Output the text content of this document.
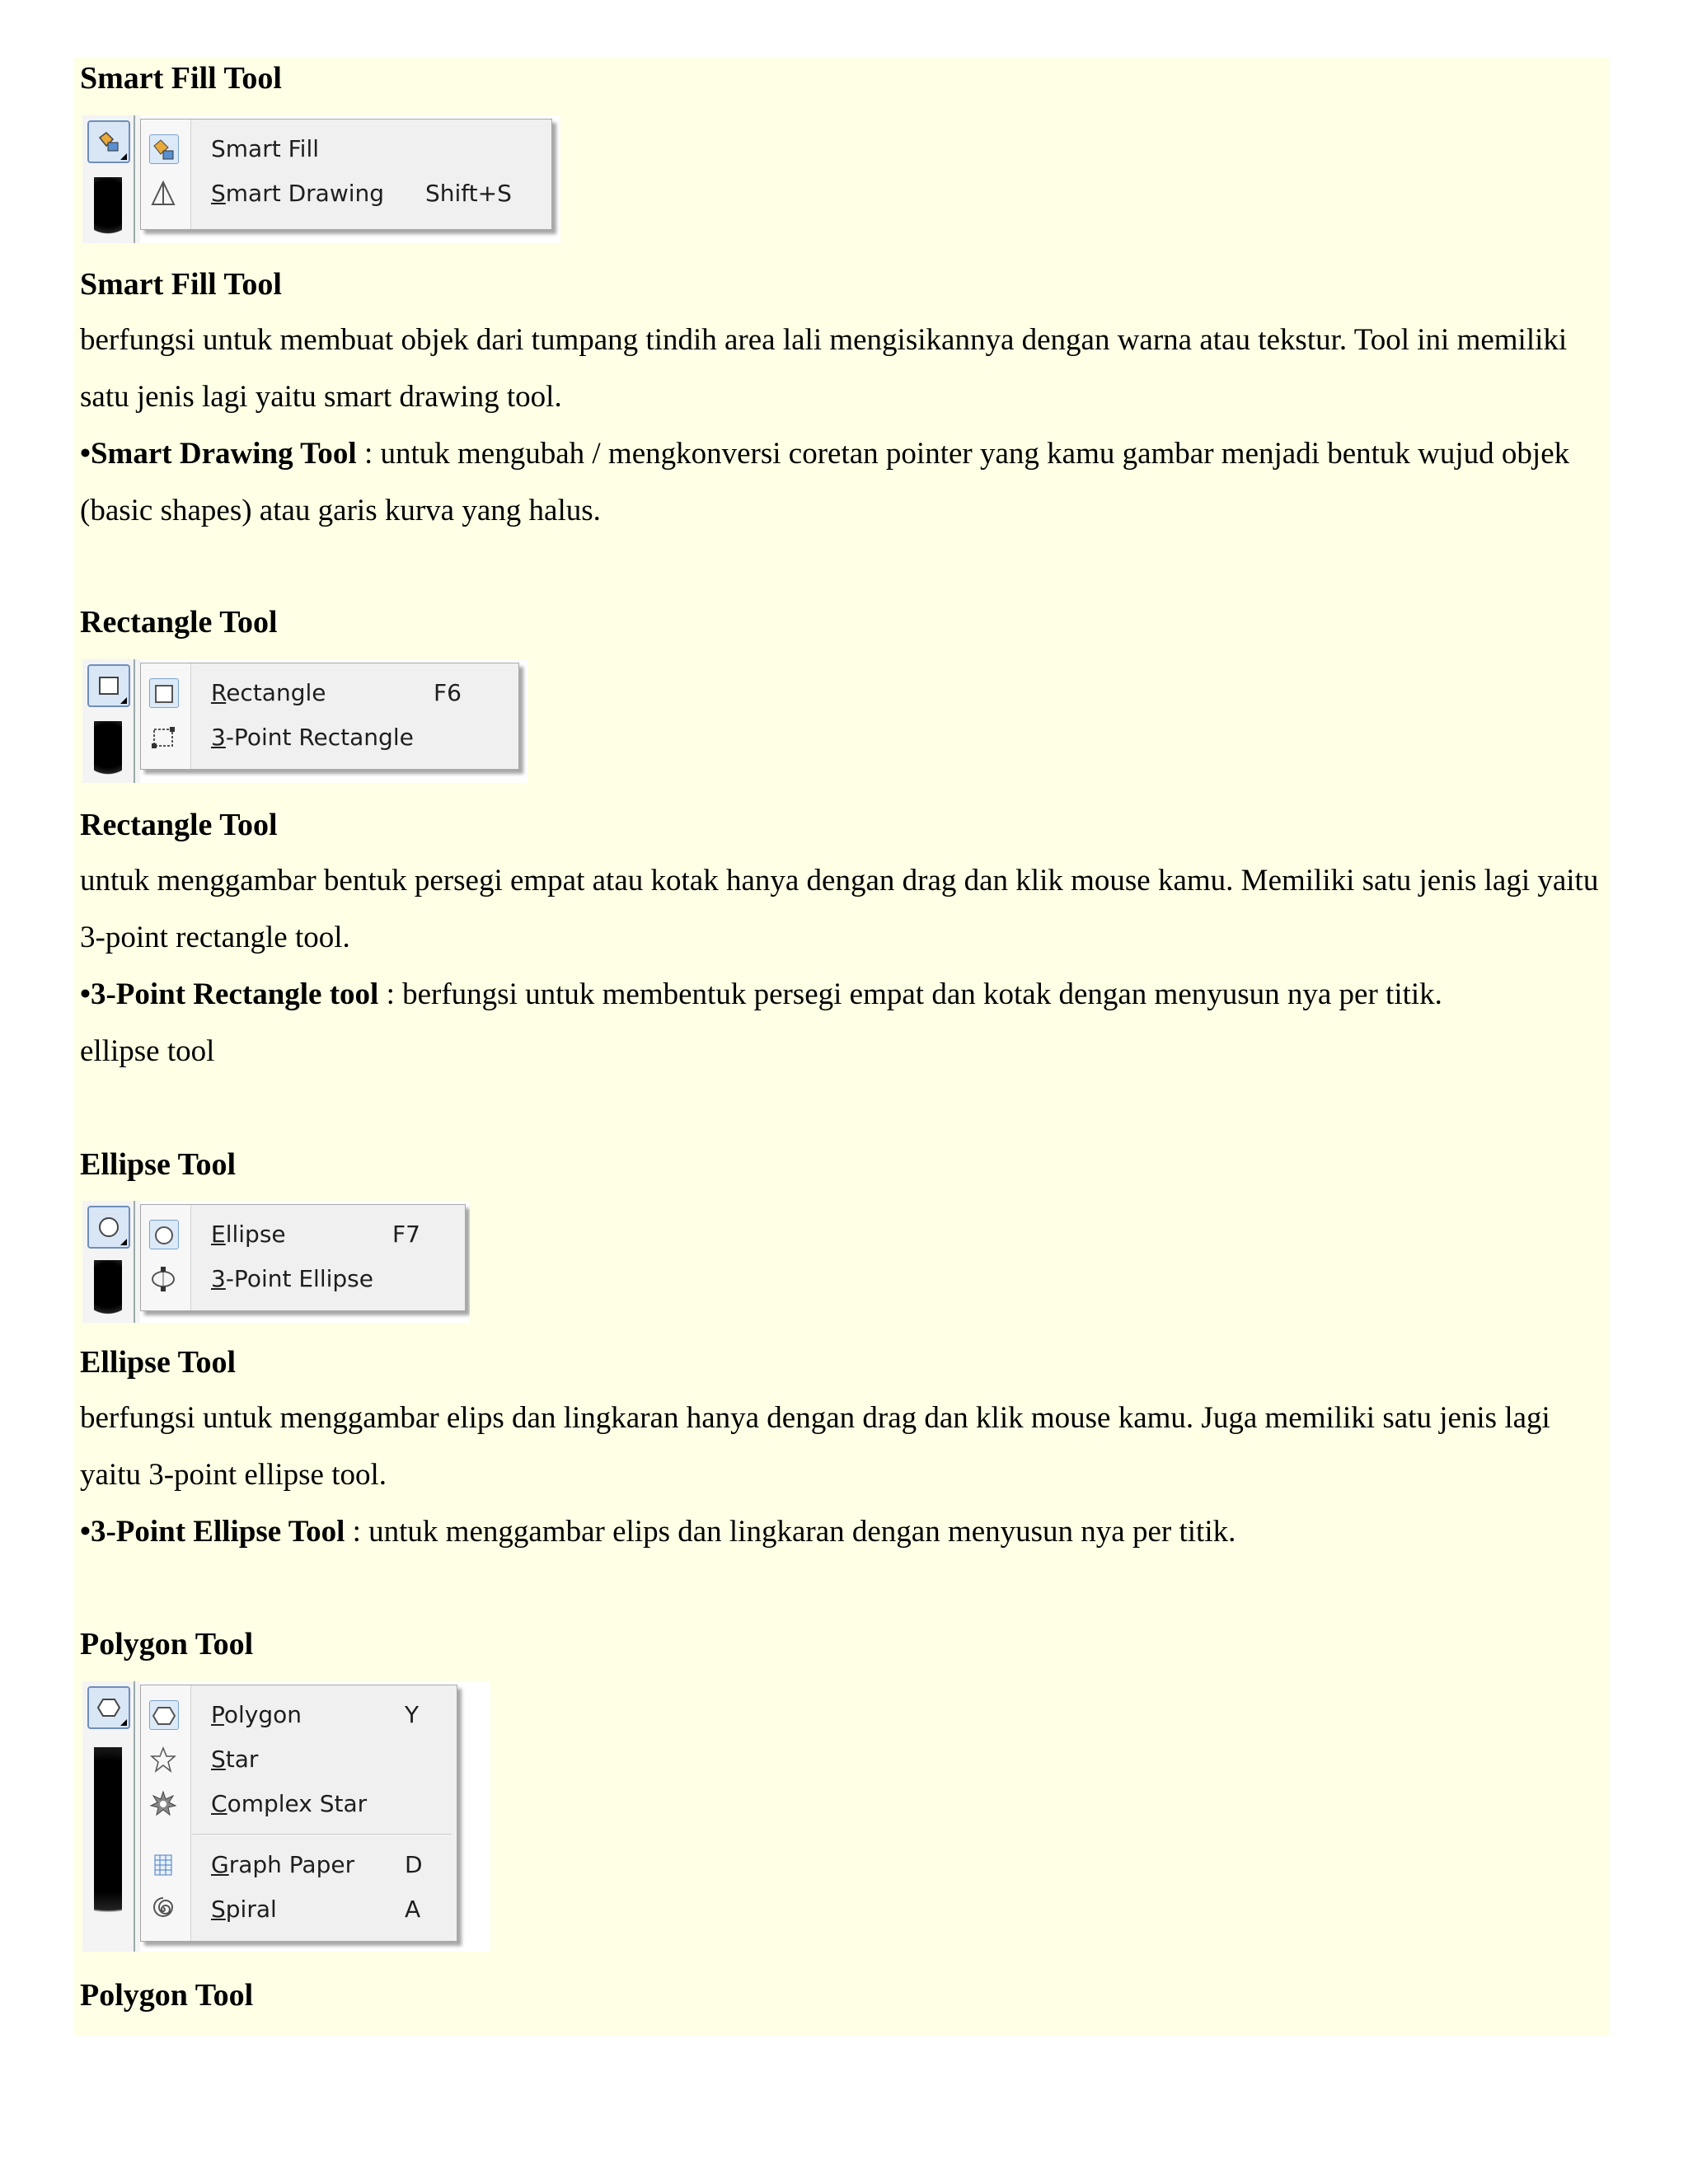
Smart Fill Tool
Smart Fill
Smart Drawing Shift+S
Smart Fill Tool
berfungsi untuk membuat objek dari tumpang tindih area lali mengisikannya dengan warna atau tekstur. Tool ini memiliki satu jenis lagi yaitu smart drawing tool.
•Smart Drawing Tool : untuk mengubah / mengkonversi coretan pointer yang kamu gambar menjadi bentuk wujud objek (basic shapes) atau garis kurva yang halus.
Rectangle Tool
Rectangle	F6
3-Point Rectangle
Rectangle Tool
untuk menggambar bentuk persegi empat atau kotak hanya dengan drag dan klik mouse kamu. Memiliki satu jenis lagi yaitu 3-point rectangle tool.
•3-Point Rectangle tool : berfungsi untuk membentuk persegi empat dan kotak dengan menyusun nya per titik.
ellipse tool
Ellipse Tool
Ellipse	F7
3-Point Ellipse
Ellipse Tool
berfungsi untuk menggambar elips dan lingkaran hanya dengan drag dan klik mouse kamu. Juga memiliki satu jenis lagi yaitu 3-point ellipse tool.
•3-Point Ellipse Tool : untuk menggambar elips dan lingkaran dengan menyusun nya per titik.
Polygon Tool
Polygon	Y
Star
Complex Star
Graph Paper D
Spiral	A
Polygon Tool
